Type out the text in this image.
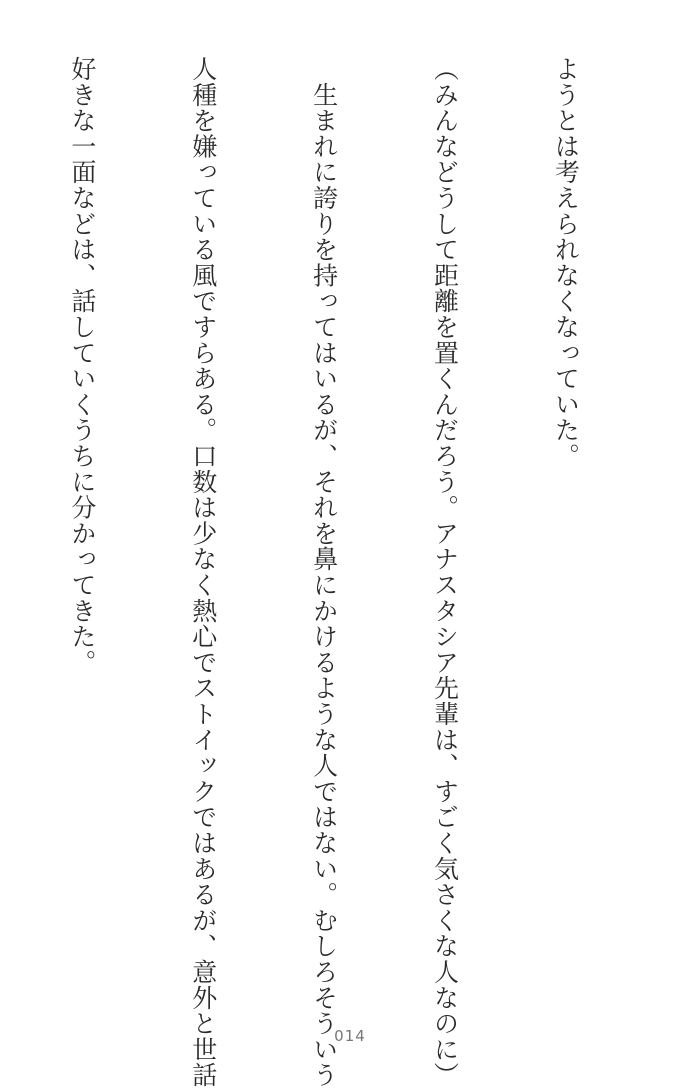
ようとは考えられなくなっていた。

（みんなどうして距離を置くんだろう。アナスタシア先輩は、すごく気さくな人なのに）

　生まれに誇りを持ってはいるが、それを鼻にかけるような人ではない。むしろそういう

人種を嫌っている風ですらある。口数は少なく熱心でストイックではあるが、意外と世話

好きな一面などは、話していくうちに分かってきた。

014
